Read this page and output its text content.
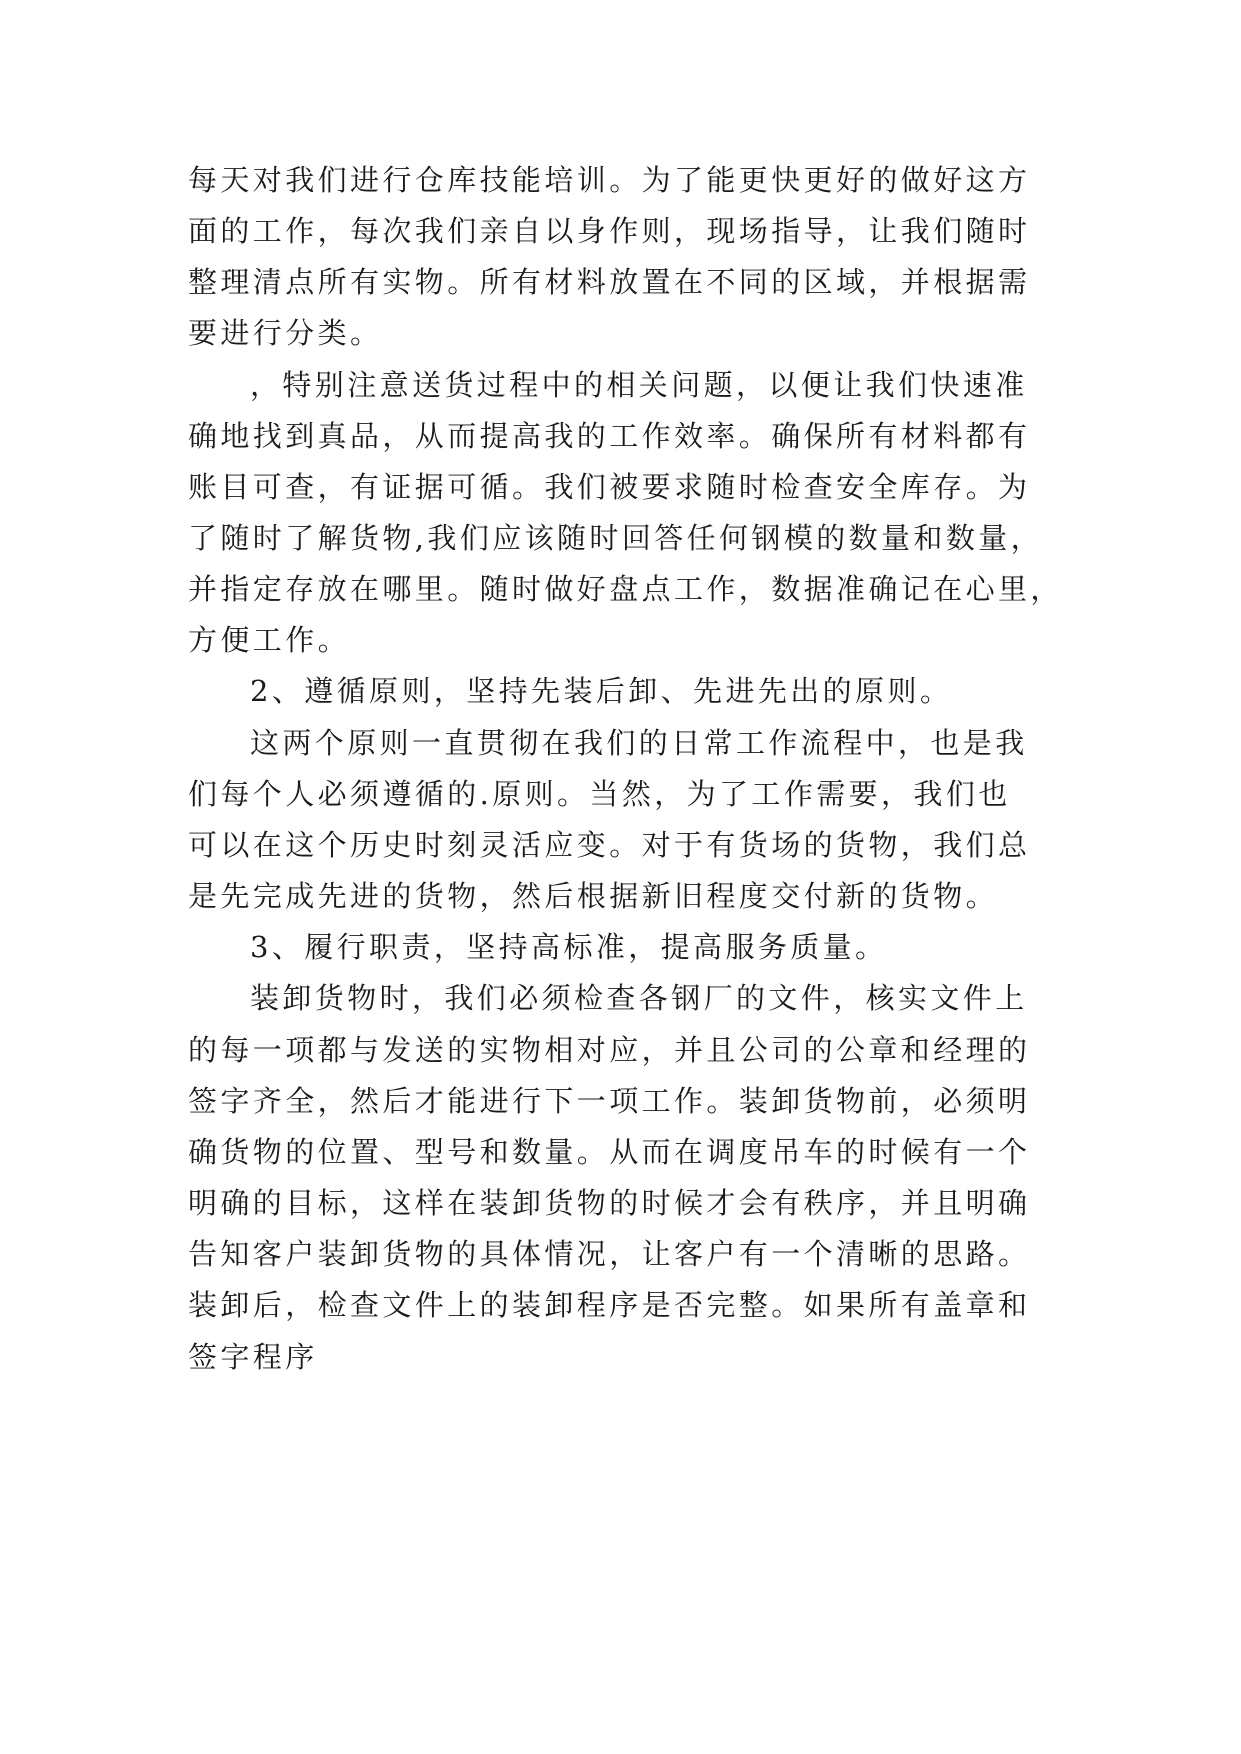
每天对我们进行仓库技能培训。为了能更快更好的做好这方
面的工作，每次我们亲自以身作则，现场指导，让我们随时
整理清点所有实物。所有材料放置在不同的区域，并根据需
要进行分类。
，特别注意送货过程中的相关问题，以便让我们快速准
确地找到真品，从而提高我的工作效率。确保所有材料都有
账目可查，有证据可循。我们被要求随时检查安全库存。为
了随时了解货物,我们应该随时回答任何钢模的数量和数量，
并指定存放在哪里。随时做好盘点工作，数据准确记在心里，
方便工作。
2、遵循原则，坚持先装后卸、先进先出的原则。
这两个原则一直贯彻在我们的日常工作流程中，也是我
们每个人必须遵循的.原则。当然，为了工作需要，我们也
可以在这个历史时刻灵活应变。对于有货场的货物，我们总
是先完成先进的货物，然后根据新旧程度交付新的货物。
3、履行职责，坚持高标准，提高服务质量。
装卸货物时，我们必须检查各钢厂的文件，核实文件上
的每一项都与发送的实物相对应，并且公司的公章和经理的
签字齐全，然后才能进行下一项工作。装卸货物前，必须明
确货物的位置、型号和数量。从而在调度吊车的时候有一个
明确的目标，这样在装卸货物的时候才会有秩序，并且明确
告知客户装卸货物的具体情况，让客户有一个清晰的思路。
装卸后，检查文件上的装卸程序是否完整。如果所有盖章和
签字程序
